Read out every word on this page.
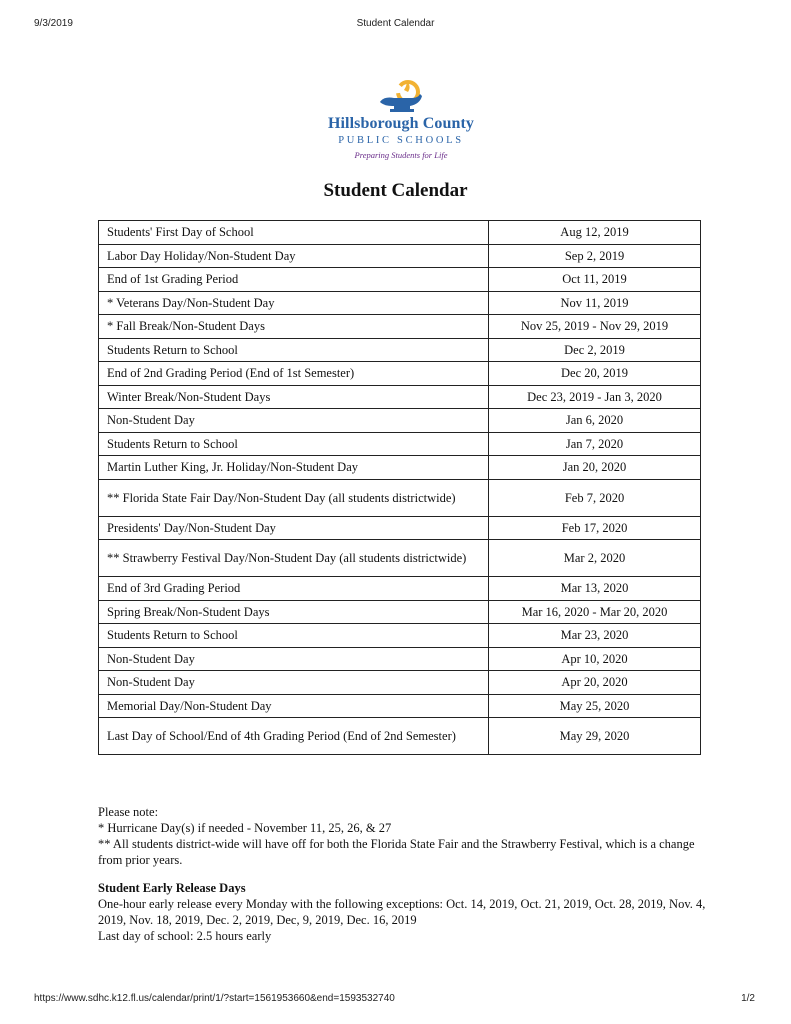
9/3/2019	Student Calendar
Hillsborough County
PUBLIC SCHOOLS
Preparing Students for Life
Student Calendar
Students' First Day of School	Aug 12, 2019
Labor Day Holiday/Non-Student Day	Sep 2, 2019
End of 1st Grading Period	Oct 11, 2019
* Veterans Day/Non-Student Day	Nov 11, 2019
* Fall Break/Non-Student Days	Nov 25, 2019 - Nov 29, 2019
Students Return to School	Dec 2, 2019
End of 2nd Grading Period (End of 1st Semester)	Dec 20, 2019
Winter Break/Non-Student Days	Dec 23, 2019 - Jan 3, 2020
Non-Student Day	Jan 6, 2020
Students Return to School	Jan 7, 2020
Martin Luther King, Jr. Holiday/Non-Student Day	Jan 20, 2020
** Florida State Fair Day/Non-Student Day (all students districtwide)	Feb 7, 2020
Presidents' Day/Non-Student Day	Feb 17, 2020
** Strawberry Festival Day/Non-Student Day (all students districtwide)	Mar 2, 2020
End of 3rd Grading Period	Mar 13, 2020
Spring Break/Non-Student Days	Mar 16, 2020 - Mar 20, 2020
Students Return to School	Mar 23, 2020
Non-Student Day	Apr 10, 2020
Non-Student Day	Apr 20, 2020
Memorial Day/Non-Student Day	May 25, 2020
Last Day of School/End of 4th Grading Period (End of 2nd Semester)	May 29, 2020

Please note:

* Hurricane Day(s) if needed - November 11, 25, 26, & 27

** All students district-wide will have off for both the Florida State Fair and the Strawberry Festival, which is a change from prior years.

Student Early Release Days

One-hour early release every Monday with the following exceptions: Oct. 14, 2019, Oct. 21, 2019, Oct. 28, 2019, Nov. 4, 2019, Nov. 18, 2019, Dec. 2, 2019, Dec, 9, 2019, Dec. 16, 2019

Last day of school: 2.5 hours early

https://www.sdhc.k12.fl.us/calendar/print/1/?start=1561953660&end=1593532740	1/2
